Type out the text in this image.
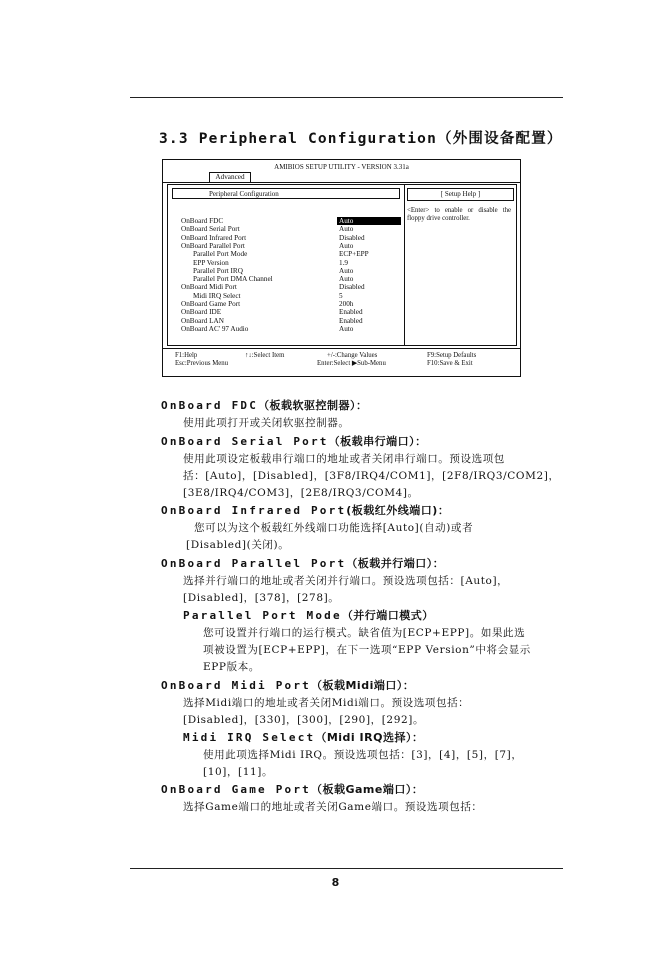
3.3 Peripheral Configuration（外围设备配置）
AMIBIOS SETUP UTILITY - VERSION 3.31a
Advanced
Peripheral Configuration
OnBoard FDC	Auto
OnBoard Serial Port	Auto
OnBoard Infrared Port	Disabled
OnBoard Parallel Port	Auto
Parallel Port Mode	ECP+EPP
EPP Version	1.9
Parallel Port IRQ	Auto
Parallel Port DMA Channel	Auto
OnBoard Midi Port	Disabled
Midi IRQ Select	5
OnBoard Game Port	200h
OnBoard IDE	Enabled
OnBoard LAN	Enabled
OnBoard AC' 97 Audio	Auto
[ Setup Help ]
<Enter> to enable or disable the floppy drive controller.
F1:Help	↑↓:Select Item	+/-:Change Values	F9:Setup Defaults
Esc:Previous Menu	Enter:Select ▶Sub-Menu	F10:Save & Exit
OnBoard FDC（板载软驱控制器）：
使用此项打开或关闭软驱控制器。
OnBoard Serial Port（板载串行端口）：
使用此项设定板载串行端口的地址或者关闭串行端口。预设选项包
括：[Auto]，[Disabled]，[3F8/IRQ4/COM1]，[2F8/IRQ3/COM2]，
[3E8/IRQ4/COM3]，[2E8/IRQ3/COM4]。
OnBoard Infrared Port(板载红外线端口)：
您可以为这个板载红外线端口功能选择[Auto](自动)或者
[Disabled](关闭)。
OnBoard Parallel Port（板载并行端口）：
选择并行端口的地址或者关闭并行端口。预设选项包括：[Auto]，
[Disabled]，[378]，[278]。
Parallel Port Mode（并行端口模式）
您可设置并行端口的运行模式。缺省值为[ECP+EPP]。如果此选
项被设置为[ECP+EPP]，在下一选项“EPP Version”中将会显示
EPP版本。
OnBoard Midi Port（板载Midi端口）：
选择Midi端口的地址或者关闭Midi端口。预设选项包括：
[Disabled]，[330]，[300]，[290]，[292]。
Midi IRQ Select（Midi IRQ选择）：
使用此项选择Midi IRQ。预设选项包括：[3]，[4]，[5]，[7]，
[10]，[11]。
OnBoard Game Port（板载Game端口）：
选择Game端口的地址或者关闭Game端口。预设选项包括：
8
